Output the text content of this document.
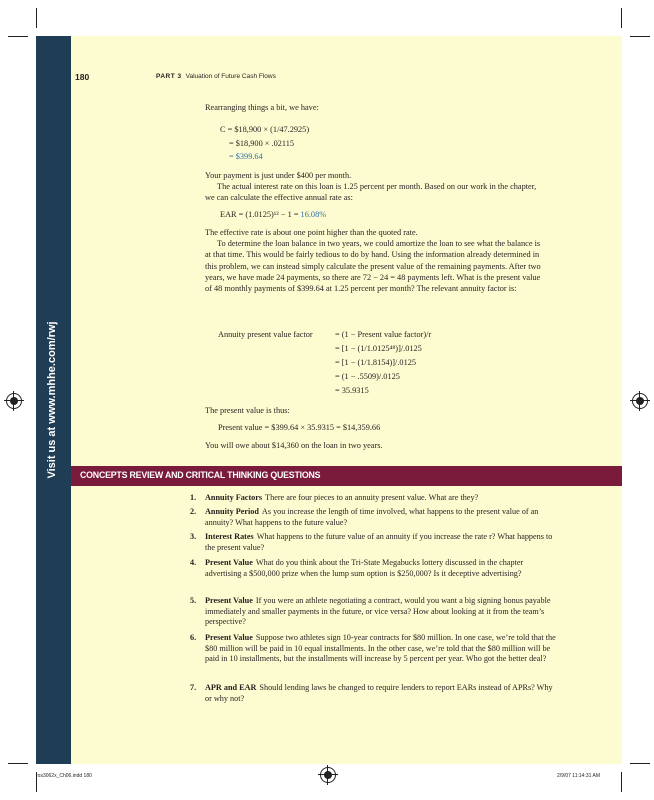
Visit us at www.mhhe.com/rwj
180	PART 3 Valuation of Future Cash Flows
Rearranging things a bit, we have:
C = $18,900 × (1/47.2925)
= $18,900 × .02115
= $399.64

Your payment is just under $400 per month.

The actual interest rate on this loan is 1.25 percent per month. Based on our work in the chapter, we can calculate the effective annual rate as:

EAR = (1.0125)¹² − 1 = 16.08%

The effective rate is about one point higher than the quoted rate.

To determine the loan balance in two years, we could amortize the loan to see what the balance is at that time. This would be fairly tedious to do by hand. Using the information already determined in this problem, we can instead simply calculate the present value of the remaining payments. After two years, we have made 24 payments, so there are 72 − 24 = 48 payments left. What is the present value of 48 monthly payments of $399.64 at 1.25 percent per month? The relevant annuity factor is:

Annuity present value factor	= (1 − Present value factor)/r
= [1 − (1/1.0125⁴⁸)]/.0125
= [1 − (1/1.8154)]/.0125
= (1 − .5509)/.0125
= 35.9315
The present value is thus:
Present value = $399.64 × 35.9315 = $14,359.66
You will owe about $14,360 on the loan in two years.
CONCEPTS REVIEW AND CRITICAL THINKING QUESTIONS
1. Annuity Factors There are four pieces to an annuity present value. What are they?
2. Annuity Period As you increase the length of time involved, what happens to the present value of an annuity? What happens to the future value?
3. Interest Rates What happens to the future value of an annuity if you increase the rate r? What happens to the present value?
4. Present Value What do you think about the Tri-State Megabucks lottery discussed in the chapter advertising a $500,000 prize when the lump sum option is $250,000? Is it deceptive advertising?
5. Present Value If you were an athlete negotiating a contract, would you want a big signing bonus payable immediately and smaller payments in the future, or vice versa? How about looking at it from the team’s perspective?
6. Present Value Suppose two athletes sign 10-year contracts for $80 million. In one case, we’re told that the $80 million will be paid in 10 equal installments. In the other case, we’re told that the $80 million will be paid in 10 installments, but the installments will increase by 5 percent per year. Who got the better deal?
7. APR and EAR Should lending laws be changed to require lenders to report EARs instead of APRs? Why or why not?
ros3062x_Ch06.indd 180	2/9/07 11:14:31 AM
